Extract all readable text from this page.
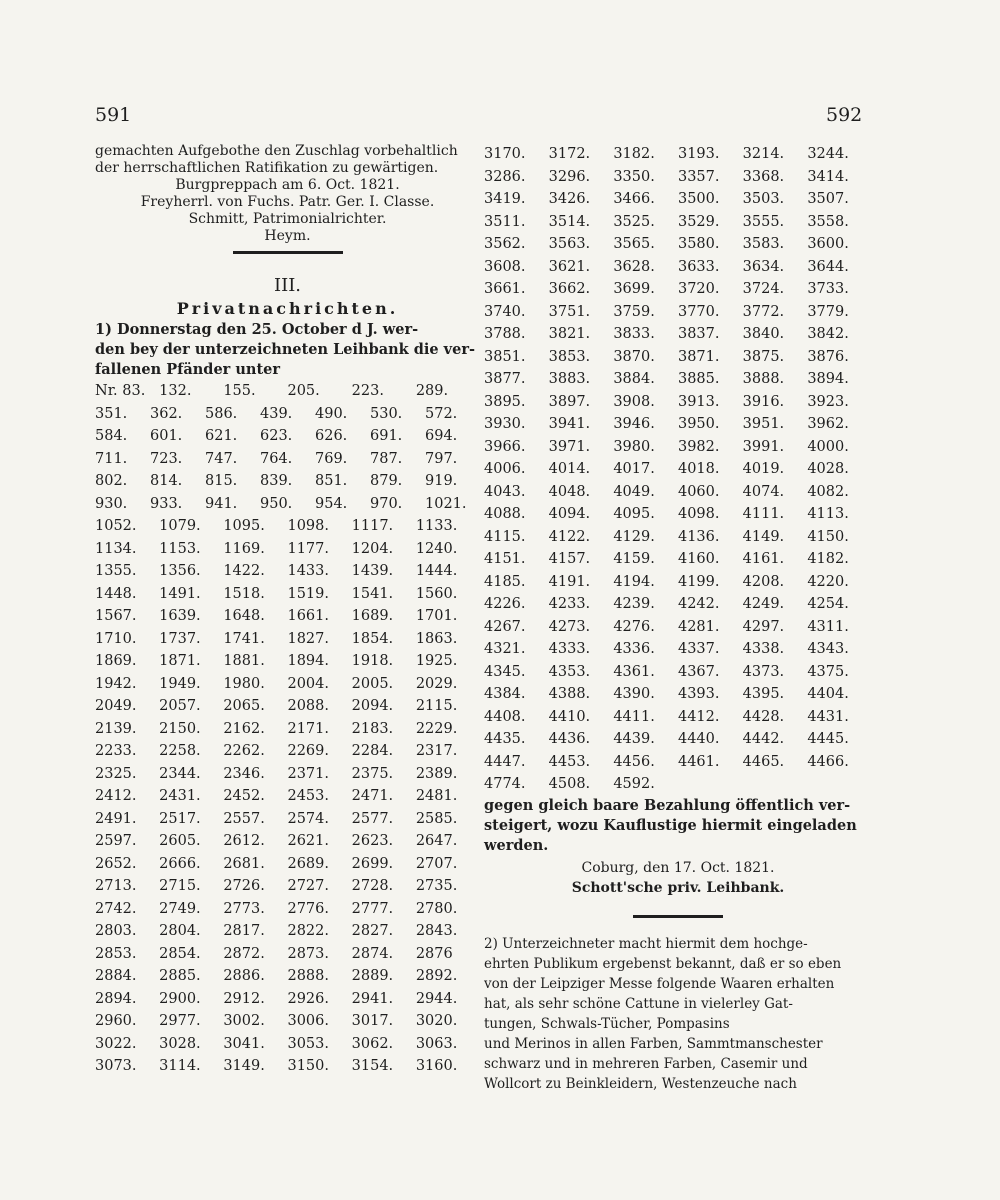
591	592
gemachten Aufgebothe den Zuschlag vorbehaltlich
der herrschaftlichen Ratifikation zu gewärtigen.
Burgpreppach am 6. Oct. 1821.
Freyherrl. von Fuchs. Patr. Ger. I. Classe.
Schmitt, Patrimonialrichter.
Heym.
III.
Privatnachrichten.
1) Donnerstag den 25. October d J. wer-
den bey der unterzeichneten Leihbank die ver-
fallenen Pfänder unter
Nr. 83. 132.	155.	205.	223.	289.
351.	362.	586.	439.	490.	530.	572.
584.	601.	621.	623.	626.	691.	694.
711.	723.	747.	764.	769.	787.	797.
802.	814.	815.	839.	851.	879.	919.
930.	933.	941.	950.	954.	970.	1021.
1052.	1079.	1095.	1098.	1117.	1133.
1134.	1153.	1169.	1177.	1204.	1240.
1355.	1356.	1422.	1433.	1439.	1444.
1448.	1491.	1518.	1519.	1541.	1560.
1567.	1639.	1648.	1661.	1689.	1701.
1710.	1737.	1741.	1827.	1854.	1863.
1869.	1871.	1881.	1894.	1918.	1925.
1942.	1949.	1980.	2004.	2005.	2029.
2049.	2057.	2065.	2088.	2094.	2115.
2139.	2150.	2162.	2171.	2183.	2229.
2233.	2258.	2262.	2269.	2284.	2317.
2325.	2344.	2346.	2371.	2375.	2389.
2412.	2431.	2452.	2453.	2471.	2481.
2491.	2517.	2557.	2574.	2577.	2585.
2597.	2605.	2612.	2621.	2623.	2647.
2652.	2666.	2681.	2689.	2699.	2707.
2713.	2715.	2726.	2727.	2728.	2735.
2742.	2749.	2773.	2776.	2777.	2780.
2803.	2804.	2817.	2822.	2827.	2843.
2853.	2854.	2872.	2873.	2874.	2876
2884.	2885.	2886.	2888.	2889.	2892.
2894.	2900.	2912.	2926.	2941.	2944.
2960.	2977.	3002.	3006.	3017.	3020.
3022.	3028.	3041.	3053.	3062.	3063.
3073.	3114.	3149.	3150.	3154.	3160.
3170.	3172.	3182.	3193.	3214.	3244.
3286.	3296.	3350.	3357.	3368.	3414.
3419.	3426.	3466.	3500.	3503.	3507.
3511.	3514.	3525.	3529.	3555.	3558.
3562.	3563.	3565.	3580.	3583.	3600.
3608.	3621.	3628.	3633.	3634.	3644.
3661.	3662.	3699.	3720.	3724.	3733.
3740.	3751.	3759.	3770.	3772.	3779.
3788.	3821.	3833.	3837.	3840.	3842.
3851.	3853.	3870.	3871.	3875.	3876.
3877.	3883.	3884.	3885.	3888.	3894.
3895.	3897.	3908.	3913.	3916.	3923.
3930.	3941.	3946.	3950.	3951.	3962.
3966.	3971.	3980.	3982.	3991.	4000.
4006.	4014.	4017.	4018.	4019.	4028.
4043.	4048.	4049.	4060.	4074.	4082.
4088.	4094.	4095.	4098.	4111.	4113.
4115.	4122.	4129.	4136.	4149.	4150.
4151.	4157.	4159.	4160.	4161.	4182.
4185.	4191.	4194.	4199.	4208.	4220.
4226.	4233.	4239.	4242.	4249.	4254.
4267.	4273.	4276.	4281.	4297.	4311.
4321.	4333.	4336.	4337.	4338.	4343.
4345.	4353.	4361.	4367.	4373.	4375.
4384.	4388.	4390.	4393.	4395.	4404.
4408.	4410.	4411.	4412.	4428.	4431.
4435.	4436.	4439.	4440.	4442.	4445.
4447.	4453.	4456.	4461.	4465.	4466.
4774.	4508.	4592.
gegen gleich baare Bezahlung öffentlich ver-
steigert, wozu Kauflustige hiermit eingeladen
werden.
Coburg, den 17. Oct. 1821.
Schott'sche priv. Leihbank.
2) Unterzeichneter macht hiermit dem hochge-
ehrten Publikum ergebenst bekannt, daß er so eben
von der Leipziger Messe folgende Waaren erhalten
hat, als sehr schöne Cattune in vielerley Gat-
tungen, Schwals-Tücher, Pompasins
und Merinos in allen Farben, Sammtmanschester
schwarz und in mehreren Farben, Casemir und
Wollcort zu Beinkleidern, Westenzeuche nach
